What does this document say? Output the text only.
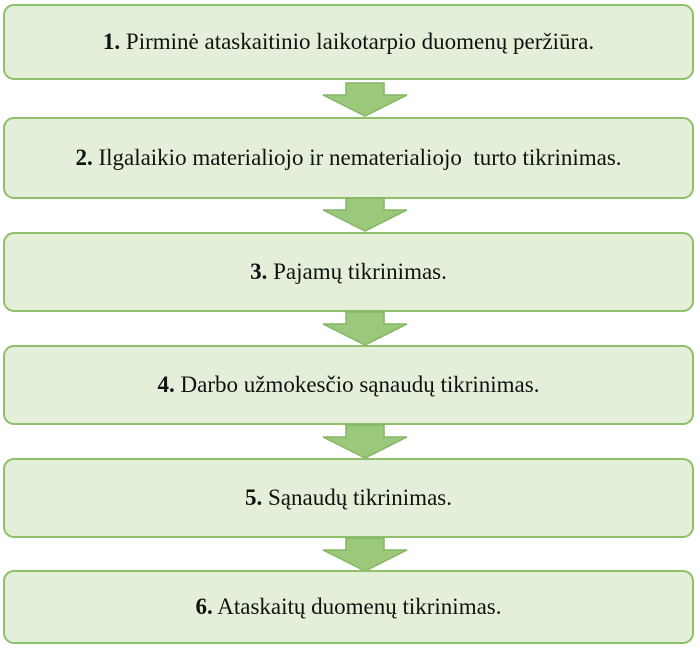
1. Pirminė ataskaitinio laikotarpio duomenų peržiūra.
2. Ilgalaikio materialiojo ir nematerialiojo  turto tikrinimas.
3. Pajamų tikrinimas.
4. Darbo užmokesčio sąnaudų tikrinimas.
5. Sąnaudų tikrinimas.
6. Ataskaitų duomenų tikrinimas.
